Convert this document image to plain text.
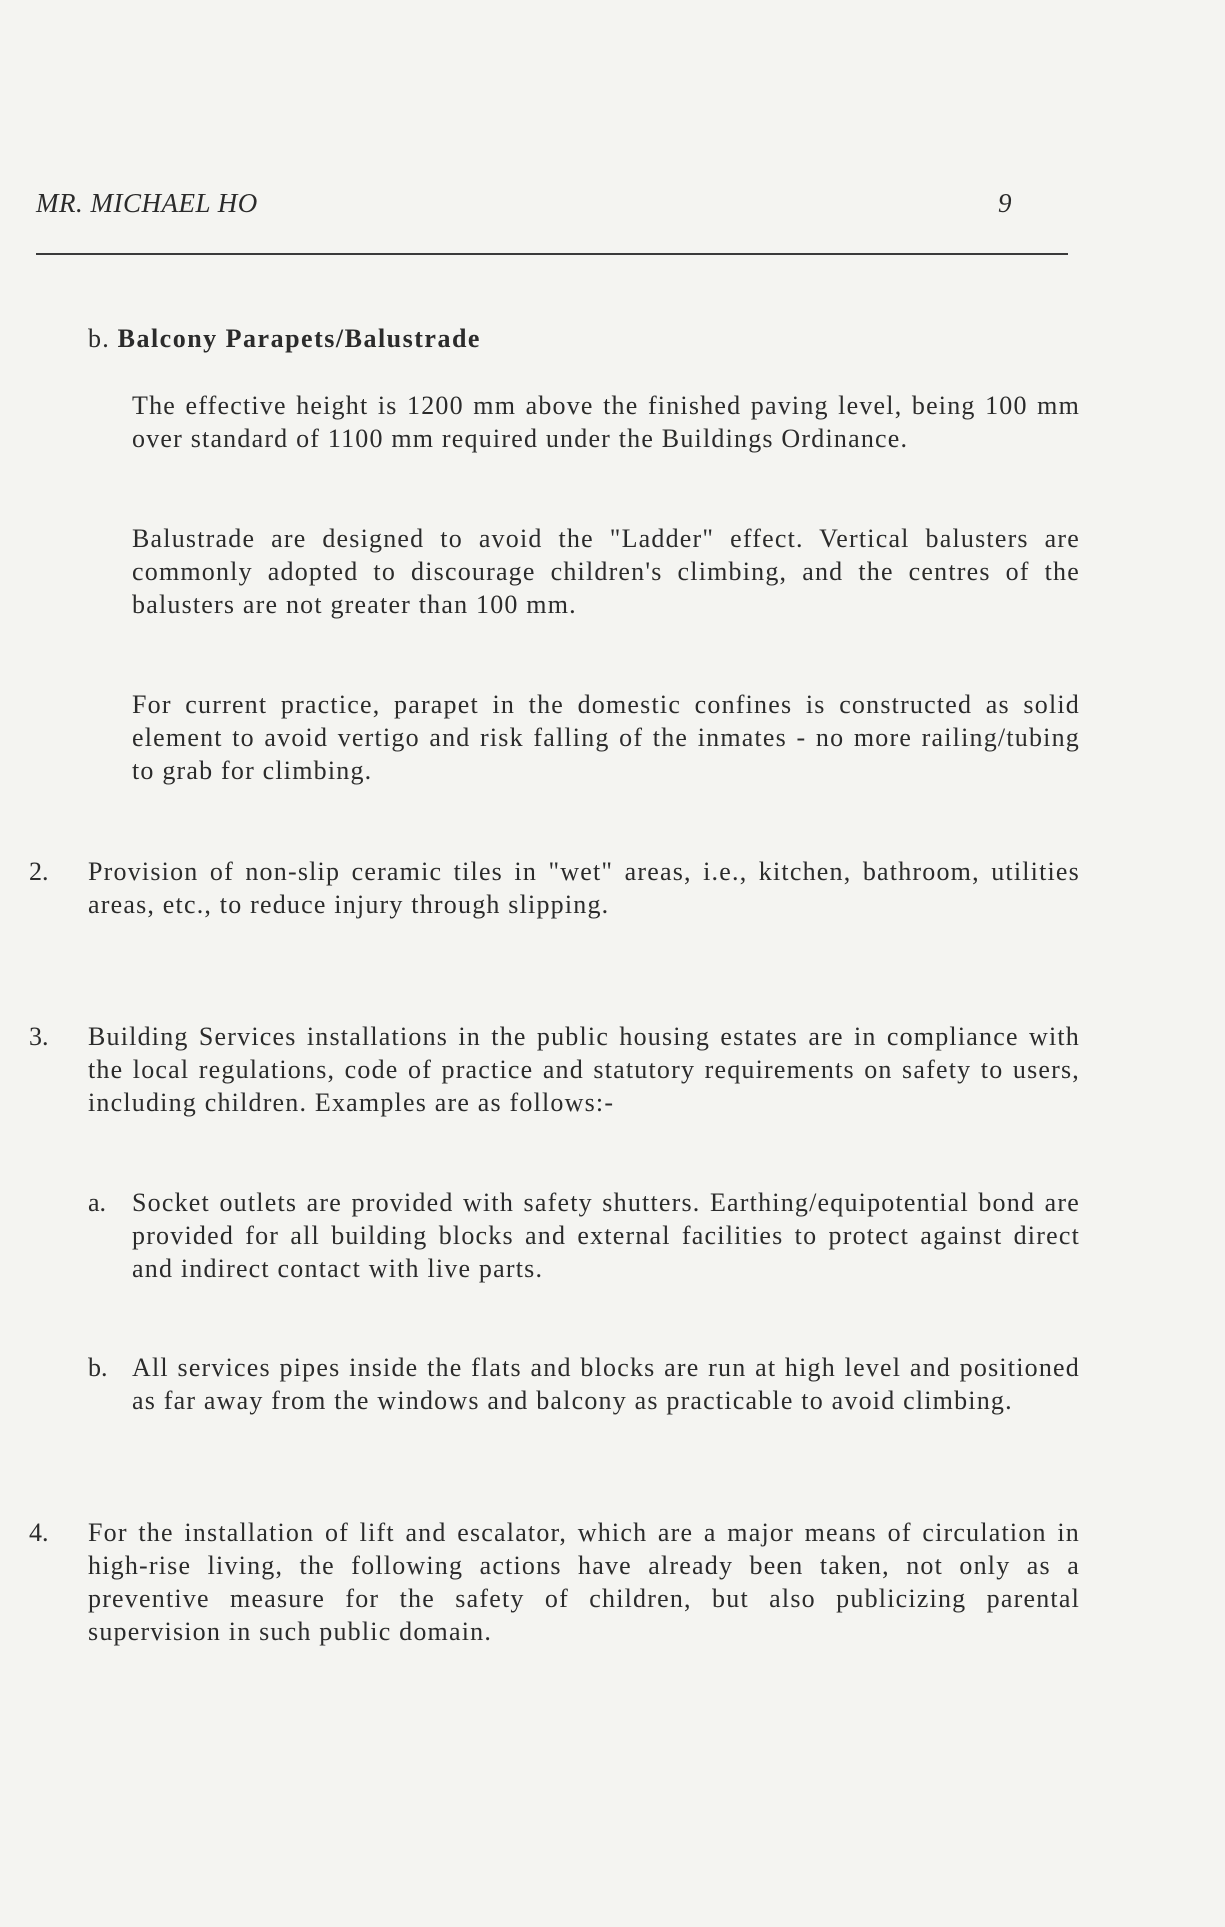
MR. MICHAEL HO	9
b. Balcony Parapets/Balustrade
The effective height is 1200 mm above the finished paving level, being 100 mm over standard of 1100 mm required under the Buildings Ordinance.
Balustrade are designed to avoid the "Ladder" effect. Vertical balusters are commonly adopted to discourage children's climbing, and the centres of the balusters are not greater than 100 mm.
For current practice, parapet in the domestic confines is constructed as solid element to avoid vertigo and risk falling of the inmates - no more railing/tubing to grab for climbing.
2. Provision of non-slip ceramic tiles in "wet" areas, i.e., kitchen, bathroom, utilities areas, etc., to reduce injury through slipping.
3. Building Services installations in the public housing estates are in compliance with the local regulations, code of practice and statutory requirements on safety to users, including children. Examples are as follows:-
a. Socket outlets are provided with safety shutters. Earthing/equipotential bond are provided for all building blocks and external facilities to protect against direct and indirect contact with live parts.
b. All services pipes inside the flats and blocks are run at high level and positioned as far away from the windows and balcony as practicable to avoid climbing.
4. For the installation of lift and escalator, which are a major means of circulation in high-rise living, the following actions have already been taken, not only as a preventive measure for the safety of children, but also publicizing parental supervision in such public domain.
